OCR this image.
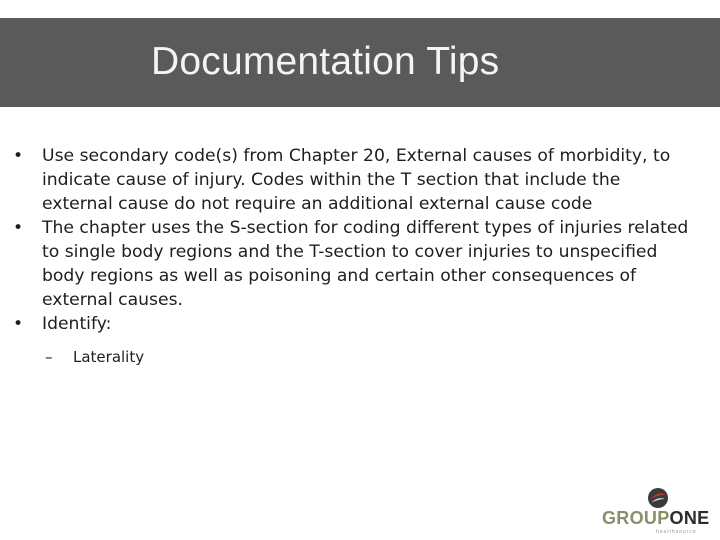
Documentation Tips
•	Use secondary code(s) from Chapter 20, External causes of morbidity, to indicate cause of injury. Codes within the T section that include the external cause do not require an additional external cause code
•	The chapter uses the S-section for coding different types of injuries related to single body regions and the T-section to cover injuries to unspecified body regions as well as poisoning and certain other consequences of external causes.
•	Identify:
– Laterality
GROUPONE
healthsource
